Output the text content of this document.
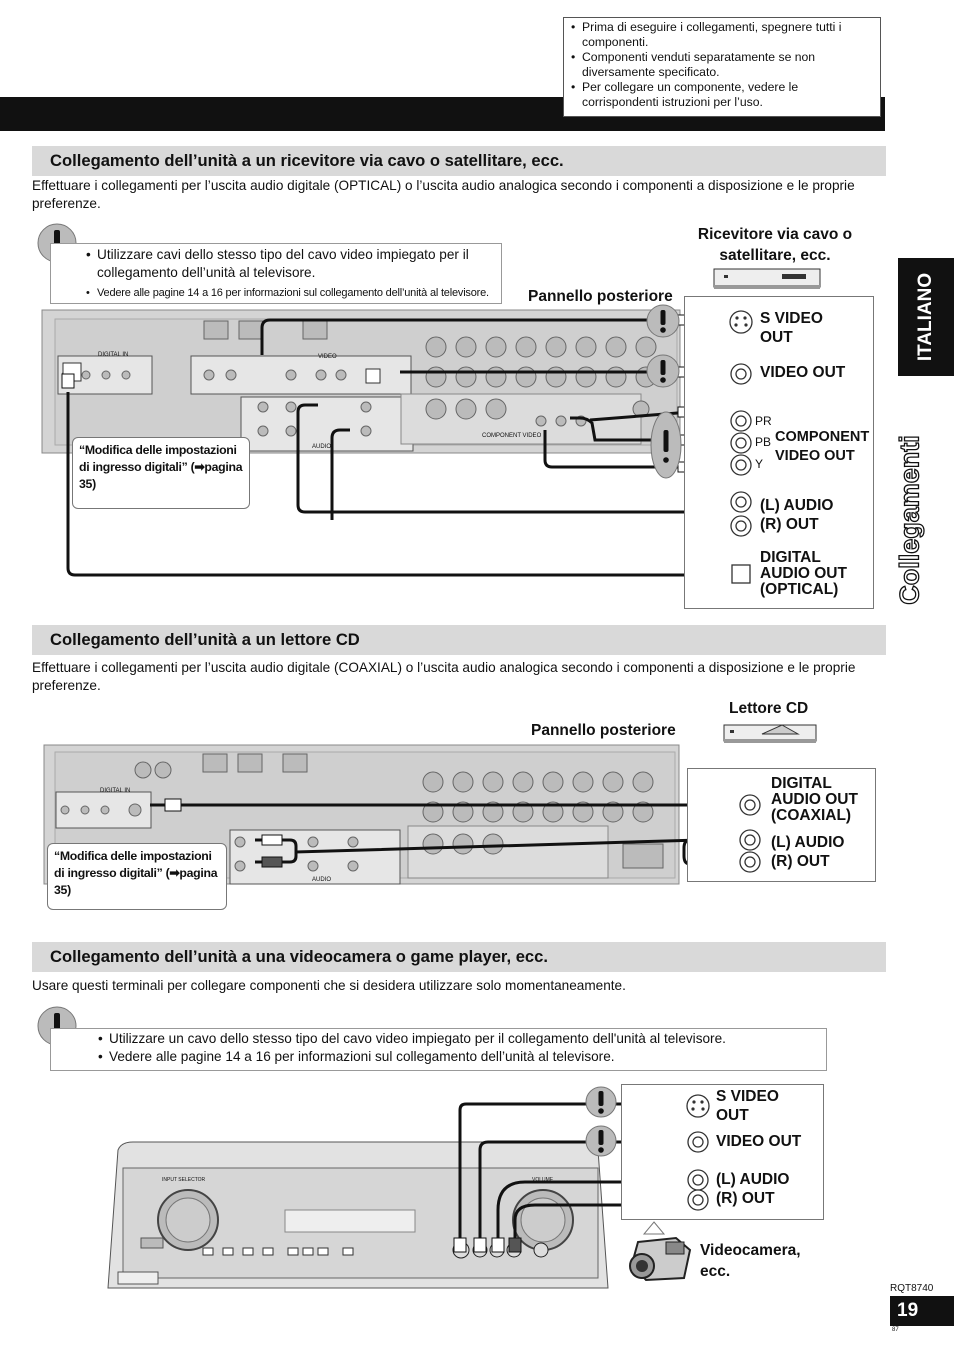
• Prima di eseguire i collegamenti, spegnere tutti i componenti.
• Componenti venduti separatamente se non diversamente specificato.
• Per collegare un componente, vedere le corrispondenti istruzioni per l’uso.
ITALIANO
Collegamenti
Collegamento dell’unità a un ricevitore via cavo o satellitare, ecc.
Effettuare i collegamenti per l’uscita audio digitale (OPTICAL) o l’uscita audio analogica secondo i componenti a disposizione e le proprie preferenze.
• Utilizzare cavi dello stesso tipo del cavo video impiegato per il collegamento dell’unità al televisore.
• Vedere alle pagine 14 a 16 per informazioni sul collegamento dell’unità al televisore.
Ricevitore via cavo o satellitare, ecc.
Pannello posteriore
DIGITAL IN	VIDEO
AUDIO
COMPONENT VIDEO
S VIDEO OUT
VIDEO OUT
PR
PB
Y
COMPONENT VIDEO OUT
(L) AUDIO
(R) OUT
DIGITAL AUDIO OUT (OPTICAL)
“Modifica delle impostazioni di ingresso digitali” (➡pagina 35)
Collegamento dell’unità a un lettore CD
Effettuare i collegamenti per l’uscita audio digitale (COAXIAL) o l’uscita audio analogica secondo i componenti a disposizione e le proprie preferenze.
Lettore CD
Pannello posteriore
DIGITAL IN
AUDIO
DIGITAL AUDIO OUT (COAXIAL)
(L) AUDIO
(R) OUT
“Modifica delle impostazioni di ingresso digitali” (➡pagina 35)
Collegamento dell’unità a una videocamera o game player, ecc.
Usare questi terminali per collegare componenti che si desidera utilizzare solo momentaneamente.
• Utilizzare un cavo dello stesso tipo del cavo video impiegato per il collegamento dell'unità al televisore.
• Vedere alle pagine 14 a 16 per informazioni sul collegamento dell’unità al televisore.
INPUT SELECTOR	VOLUME
S VIDEO OUT
VIDEO OUT
(L) AUDIO
(R) OUT
Videocamera, ecc.
RQT8740
19
87
